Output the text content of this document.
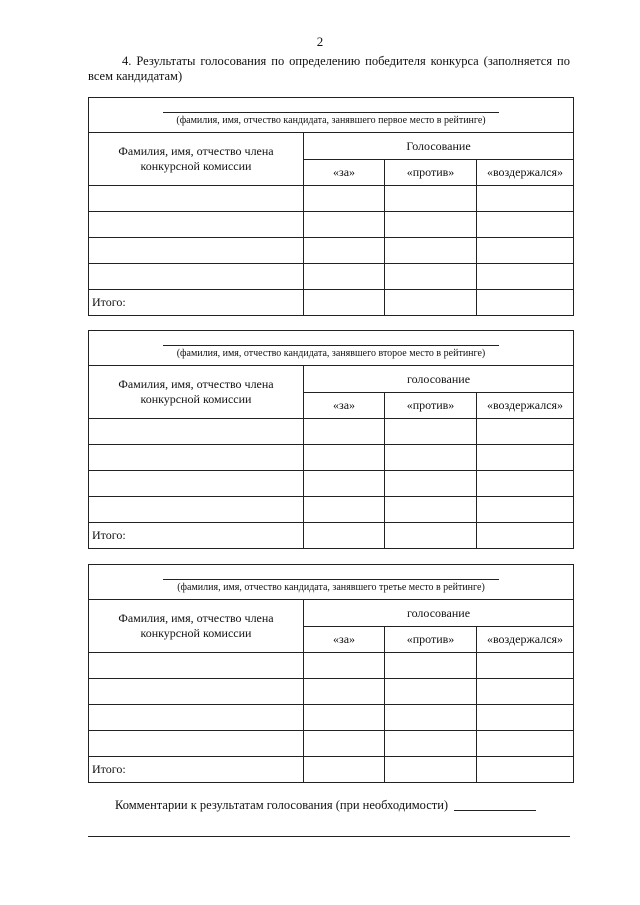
2
4. Результаты голосования по определению победителя конкурса (заполняется по всем кандидатам)
(фамилия, имя, отчество кандидата, занявшего первое место в рейтинге)			

Фамилия, имя, отчество члена конкурсной комиссии	Голосование		
	«за»	«против»	«воздержался»

Итого:			
(фамилия, имя, отчество кандидата, занявшего второе место в рейтинге)			

Фамилия, имя, отчество члена конкурсной комиссии	голосование		
	«за»	«против»	«воздержался»

Итого:			
(фамилия, имя, отчество кандидата, занявшего третье место в рейтинге)			

Фамилия, имя, отчество члена конкурсной комиссии	голосование		
	«за»	«против»	«воздержался»

Итого:			
Комментарии к результатам голосования (при необходимости)
